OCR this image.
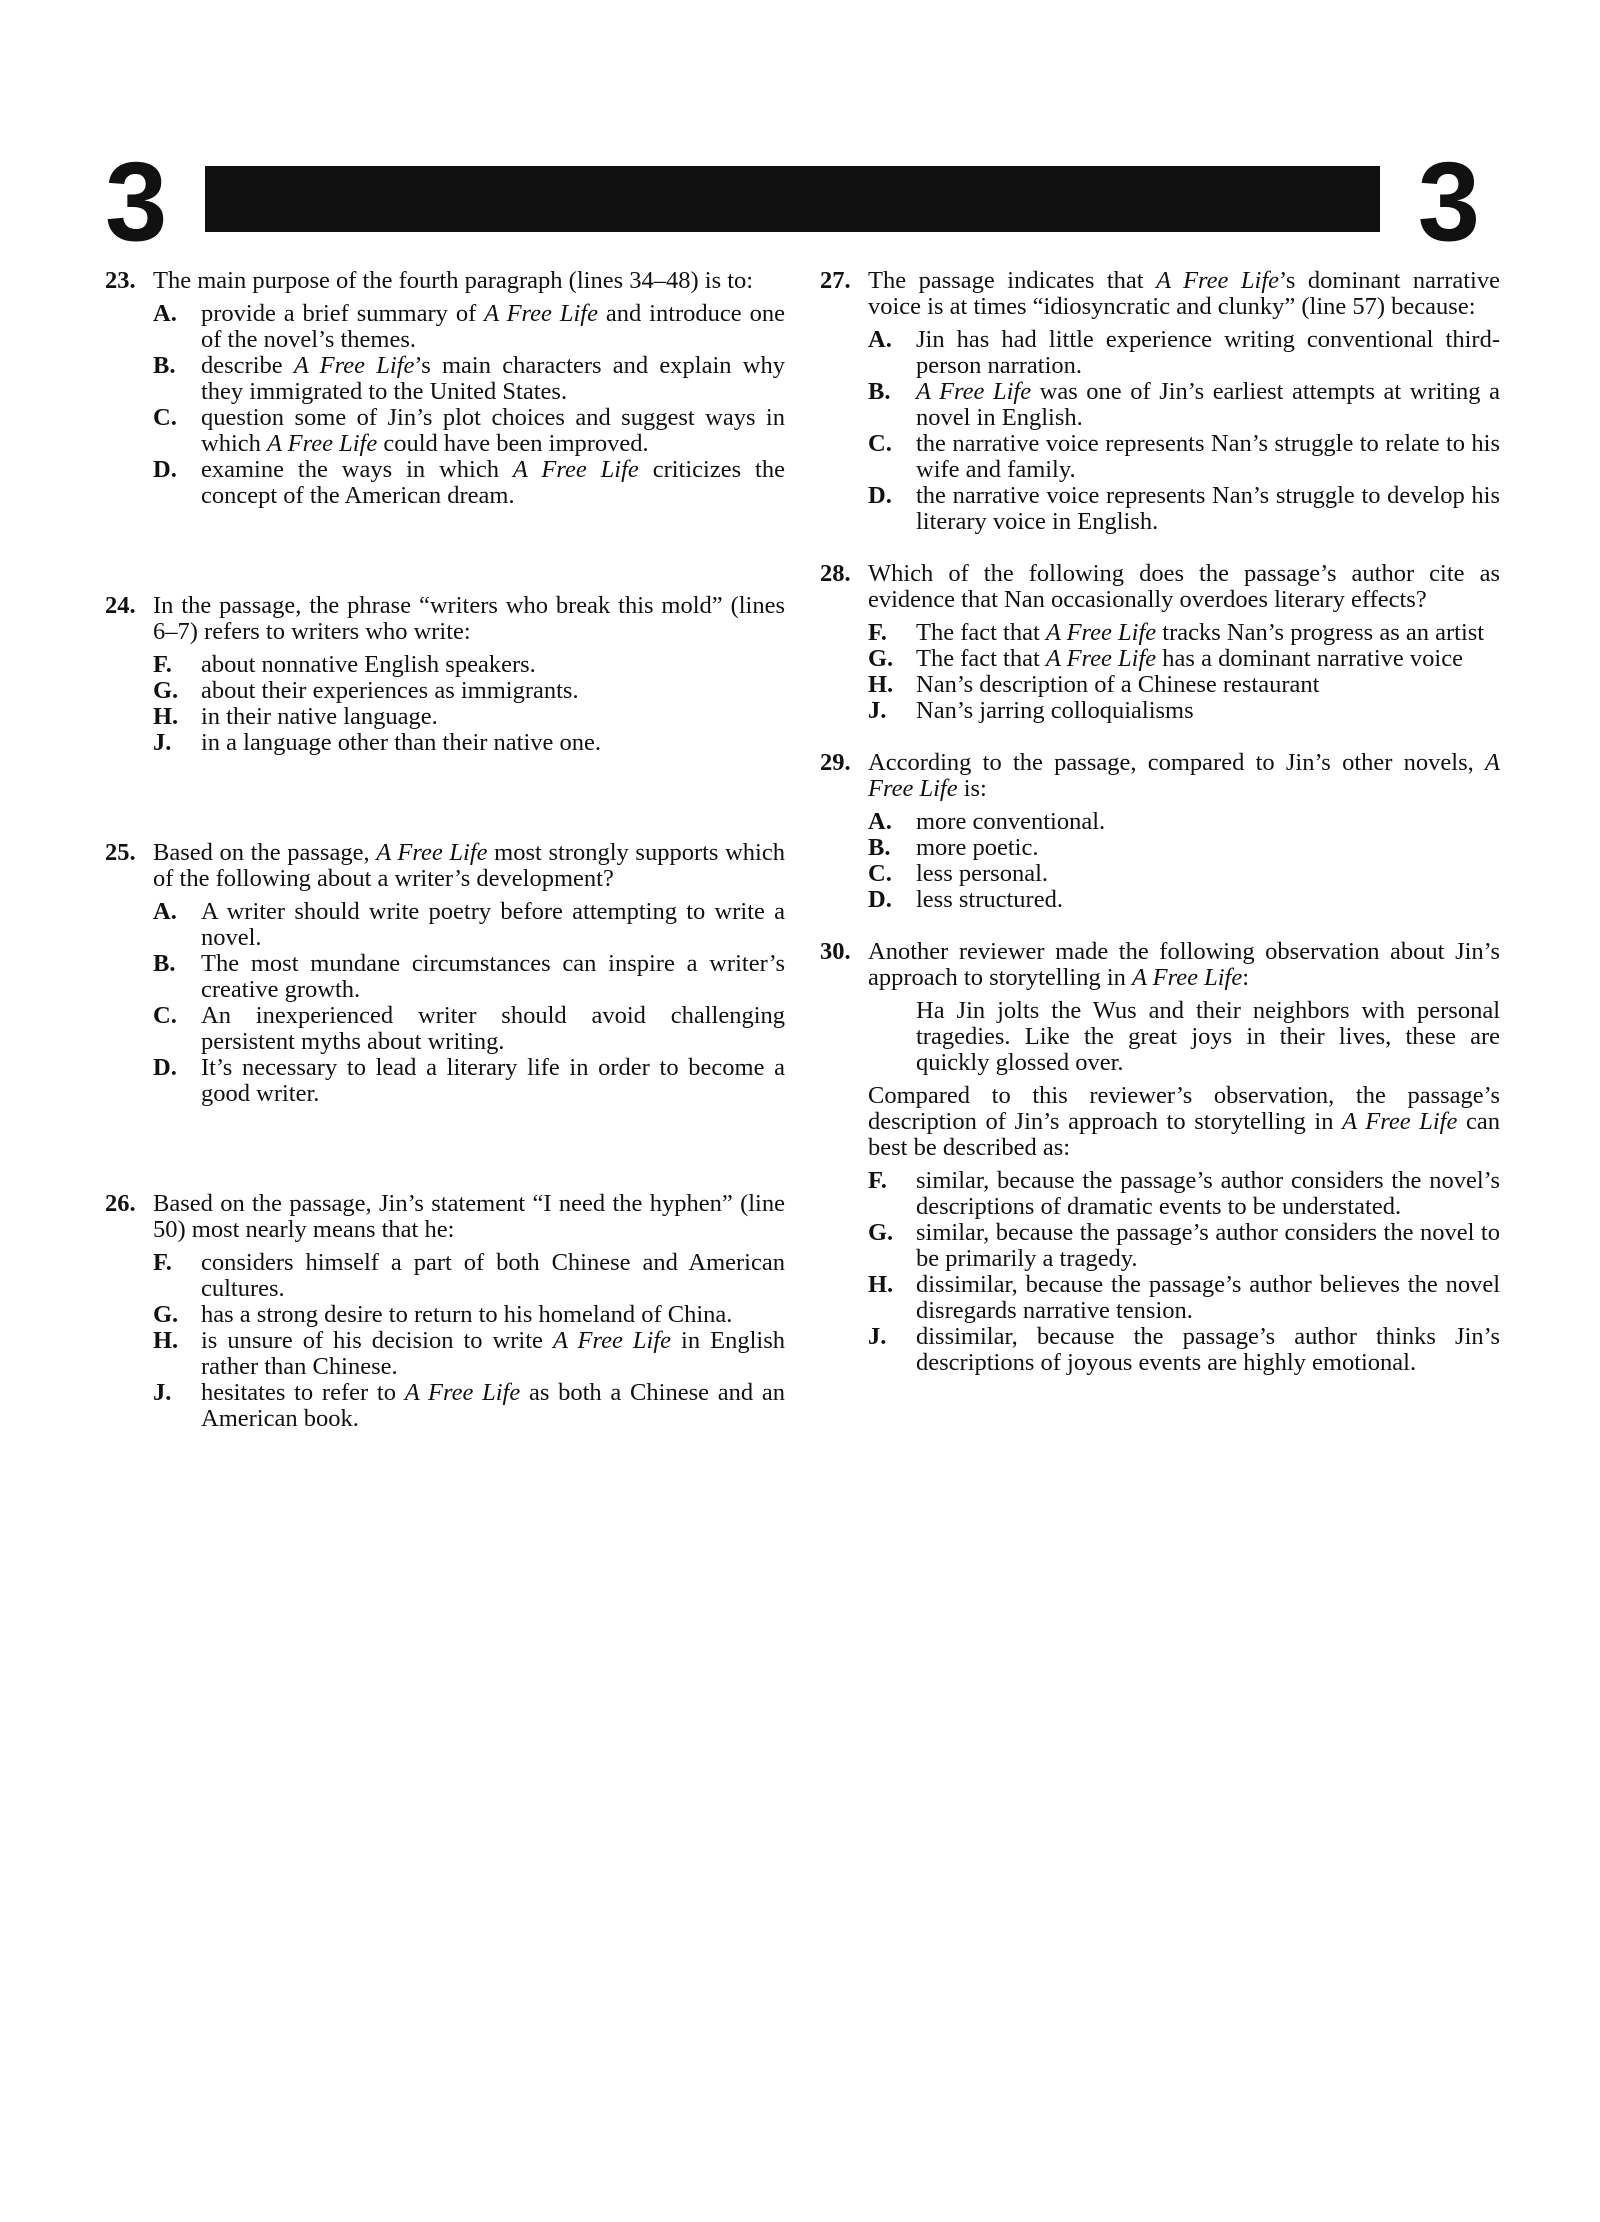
3	3
23. The main purpose of the fourth paragraph (lines 34–48) is to:
A. provide a brief summary of A Free Life and introduce one of the novel’s themes.
B. describe A Free Life’s main characters and explain why they immigrated to the United States.
C. question some of Jin’s plot choices and suggest ways in which A Free Life could have been improved.
D. examine the ways in which A Free Life criticizes the concept of the American dream.
24. In the passage, the phrase “writers who break this mold” (lines 6–7) refers to writers who write:
F. about nonnative English speakers.
G. about their experiences as immigrants.
H. in their native language.
J. in a language other than their native one.
25. Based on the passage, A Free Life most strongly supports which of the following about a writer’s development?
A. A writer should write poetry before attempting to write a novel.
B. The most mundane circumstances can inspire a writer’s creative growth.
C. An inexperienced writer should avoid challenging persistent myths about writing.
D. It’s necessary to lead a literary life in order to become a good writer.
26. Based on the passage, Jin’s statement “I need the hyphen” (line 50) most nearly means that he:
F. considers himself a part of both Chinese and American cultures.
G. has a strong desire to return to his homeland of China.
H. is unsure of his decision to write A Free Life in English rather than Chinese.
J. hesitates to refer to A Free Life as both a Chinese and an American book.
27. The passage indicates that A Free Life’s dominant narrative voice is at times “idiosyncratic and clunky” (line 57) because:
A. Jin has had little experience writing conventional third-person narration.
B. A Free Life was one of Jin’s earliest attempts at writing a novel in English.
C. the narrative voice represents Nan’s struggle to relate to his wife and family.
D. the narrative voice represents Nan’s struggle to develop his literary voice in English.
28. Which of the following does the passage’s author cite as evidence that Nan occasionally overdoes literary effects?
F. The fact that A Free Life tracks Nan’s progress as an artist
G. The fact that A Free Life has a dominant narrative voice
H. Nan’s description of a Chinese restaurant
J. Nan’s jarring colloquialisms
29. According to the passage, compared to Jin’s other novels, A Free Life is:
A. more conventional.
B. more poetic.
C. less personal.
D. less structured.
30. Another reviewer made the following observation about Jin’s approach to storytelling in A Free Life:
Ha Jin jolts the Wus and their neighbors with personal tragedies. Like the great joys in their lives, these are quickly glossed over.
Compared to this reviewer’s observation, the passage’s description of Jin’s approach to storytelling in A Free Life can best be described as:
F. similar, because the passage’s author considers the novel’s descriptions of dramatic events to be understated.
G. similar, because the passage’s author considers the novel to be primarily a tragedy.
H. dissimilar, because the passage’s author believes the novel disregards narrative tension.
J. dissimilar, because the passage’s author thinks Jin’s descriptions of joyous events are highly emotional.
